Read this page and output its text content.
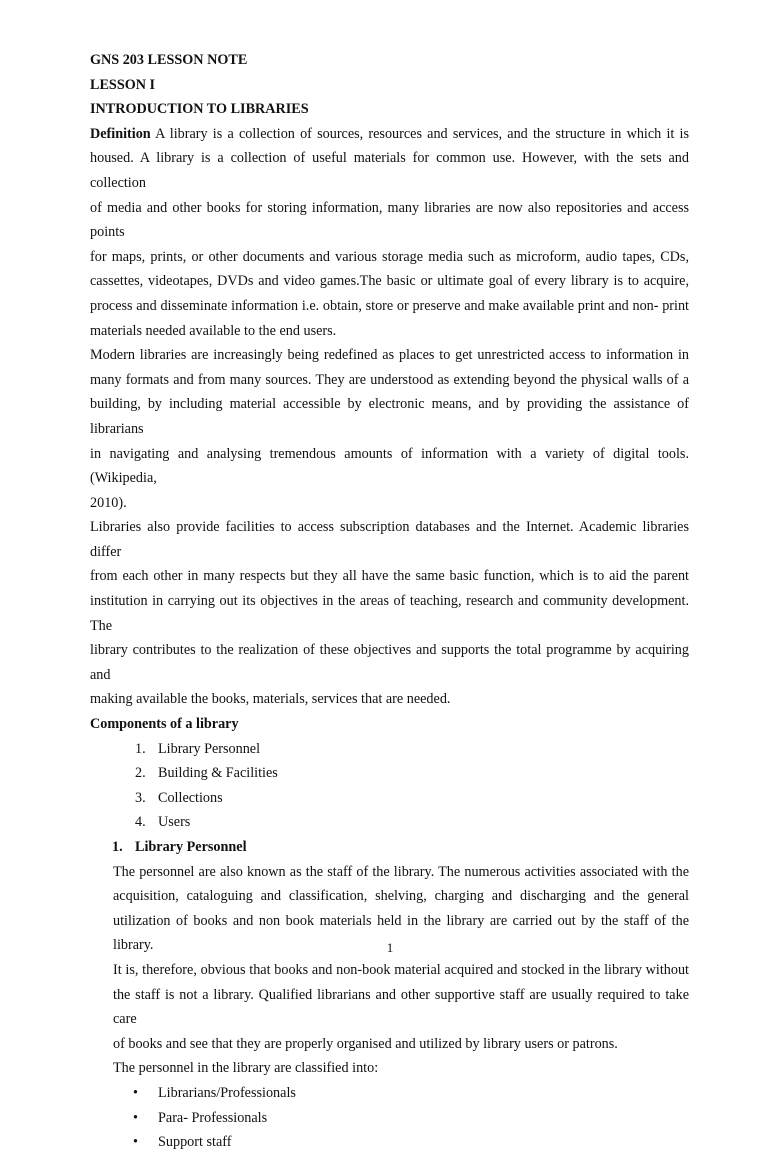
GNS 203 LESSON NOTE
LESSON I
INTRODUCTION TO LIBRARIES
Definition A library is a collection of sources, resources and services, and the structure in which it is
housed. A library is a collection of useful materials for common use. However, with the sets and collection
of media and other books for storing information, many libraries are now also repositories and access points
for maps, prints, or other documents and various storage media such as microform, audio tapes, CDs,
cassettes, videotapes, DVDs and video games.The basic or ultimate goal of every library is to acquire,
process and disseminate information i.e. obtain, store or preserve and make available print and non- print
materials needed available to the end users.
Modern libraries are increasingly being redefined as places to get unrestricted access to information in
many formats and from many sources. They are understood as extending beyond the physical walls of a
building, by including material accessible by electronic means, and by providing the assistance of librarians
in navigating and analysing tremendous amounts of information with a variety of digital tools. (Wikipedia,
2010).
Libraries also provide facilities to access subscription databases and the Internet. Academic libraries differ
from each other in many respects but they all have the same basic function, which is to aid the parent
institution in carrying out its objectives in the areas of teaching, research and community development. The
library contributes to the realization of these objectives and supports the total programme by acquiring and
making available the books, materials, services that are needed.
Components of a library
1. Library Personnel
2. Building & Facilities
3. Collections
4. Users
1. Library Personnel
The personnel are also known as the staff of the library. The numerous activities associated with the
acquisition, cataloguing and classification, shelving, charging and discharging and the general
utilization of books and non book materials held in the library are carried out by the staff of the library.
It is, therefore, obvious that books and non-book material acquired and stocked in the library without
the staff is not a library. Qualified librarians and other supportive staff are usually required to take care
of books and see that they are properly organised and utilized by library users or patrons.
The personnel in the library are classified into:
• Librarians/Professionals
• Para- Professionals
• Support staff
1
